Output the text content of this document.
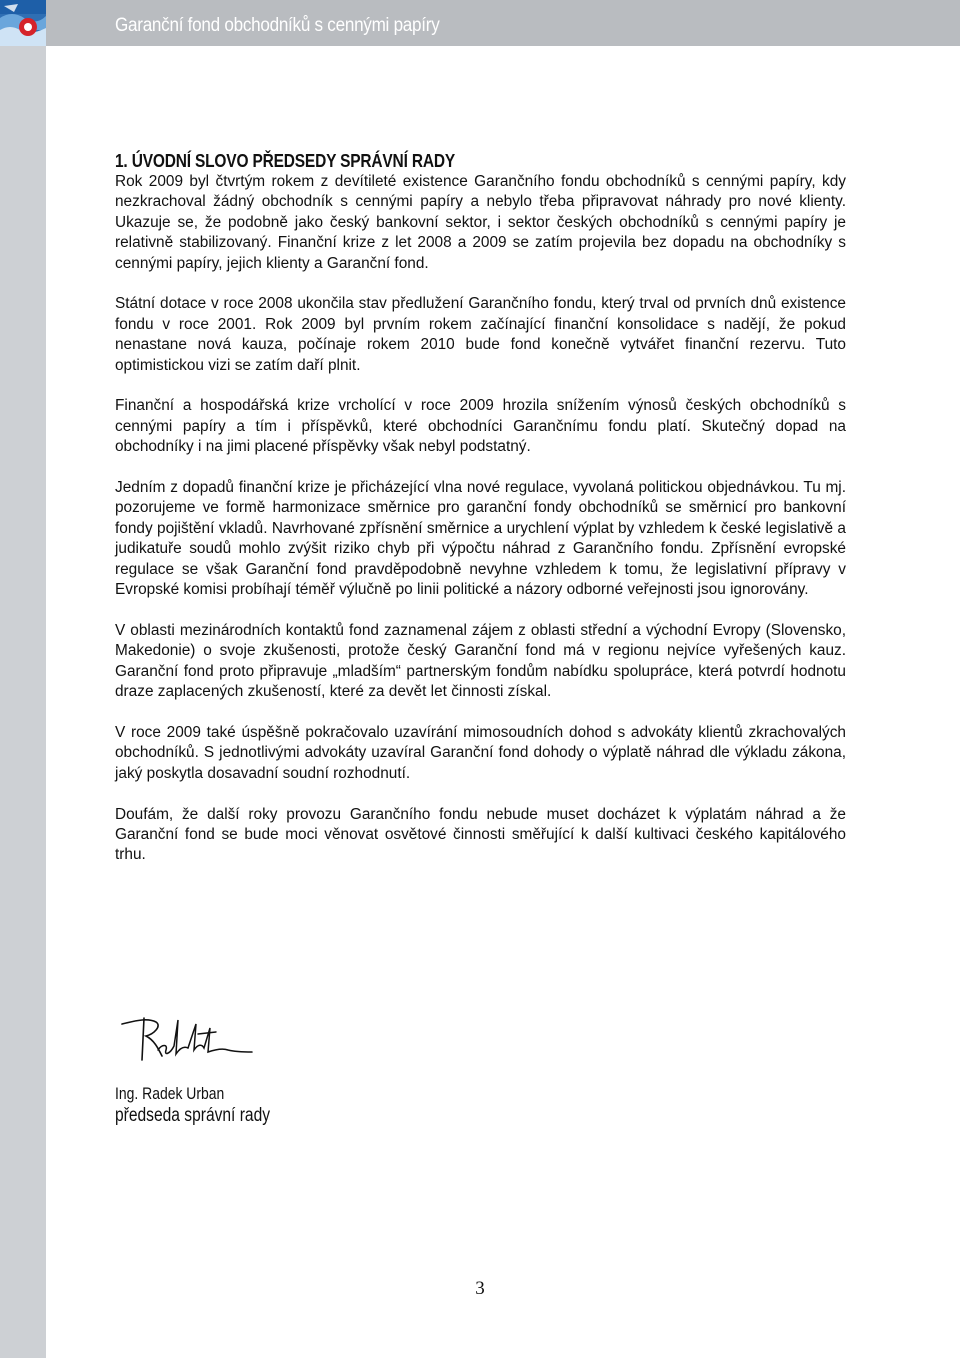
Garanční fond obchodníků s cennými papíry
1. ÚVODNÍ SLOVO PŘEDSEDY SPRÁVNÍ RADY

Rok 2009 byl čtvrtým rokem z devítileté existence Garančního fondu obchodníků s cennými papíry, kdy nezkrachoval žádný obchodník s cennými papíry a nebylo třeba připravovat náhrady pro nové klienty. Ukazuje se, že podobně jako český bankovní sektor, i sektor českých obchodníků s cennými papíry je relativně stabilizovaný. Finanční krize z let 2008 a 2009 se zatím projevila bez dopadu na obchodníky s cennými papíry, jejich klienty a Garanční fond.

Státní dotace v roce 2008 ukončila stav předlužení Garančního fondu, který trval od prvních dnů existence fondu v roce 2001. Rok 2009 byl prvním rokem začínající finanční konsolidace s nadějí, že pokud nenastane nová kauza, počínaje rokem 2010 bude fond konečně vytvářet finanční rezervu. Tuto optimistickou vizi se zatím daří plnit.

Finanční a hospodářská krize vrcholící v roce 2009 hrozila snížením výnosů českých obchodníků s cennými papíry a tím i příspěvků, které obchodníci Garančnímu fondu platí. Skutečný dopad na obchodníky i na jimi placené příspěvky však nebyl podstatný.

Jedním z dopadů finanční krize je přicházející vlna nové regulace, vyvolaná politickou objednávkou. Tu mj. pozorujeme ve formě harmonizace směrnice pro garanční fondy obchodníků se směrnicí pro bankovní fondy pojištění vkladů. Navrhované zpřísnění směrnice a urychlení výplat by vzhledem k české legislativě a judikatuře soudů mohlo zvýšit riziko chyb při výpočtu náhrad z Garančního fondu. Zpřísnění evropské regulace se však Garanční fond pravděpodobně nevyhne vzhledem k tomu, že legislativní přípravy v Evropské komisi probíhají téměř výlučně po linii politické a názory odborné veřejnosti jsou ignorovány.

V oblasti mezinárodních kontaktů fond zaznamenal zájem z oblasti střední a východní Evropy (Slovensko, Makedonie) o svoje zkušenosti, protože český Garanční fond má v regionu nejvíce vyřešených kauz. Garanční fond proto připravuje „mladším“ partnerským fondům nabídku spolupráce, která potvrdí hodnotu draze zaplacených zkušeností, které za devět let činnosti získal.

V roce 2009 také úspěšně pokračovalo uzavírání mimosoudních dohod s advokáty klientů zkrachovalých obchodníků. S jednotlivými advokáty uzavíral Garanční fond dohody o výplatě náhrad dle výkladu zákona, jaký poskytla dosavadní soudní rozhodnutí.

Doufám, že další roky provozu Garančního fondu nebude muset docházet k výplatám náhrad a že Garanční fond se bude moci věnovat osvětové činnosti směřující k další kultivaci českého kapitálového trhu.

Ing. Radek Urban
předseda správní rady
3
